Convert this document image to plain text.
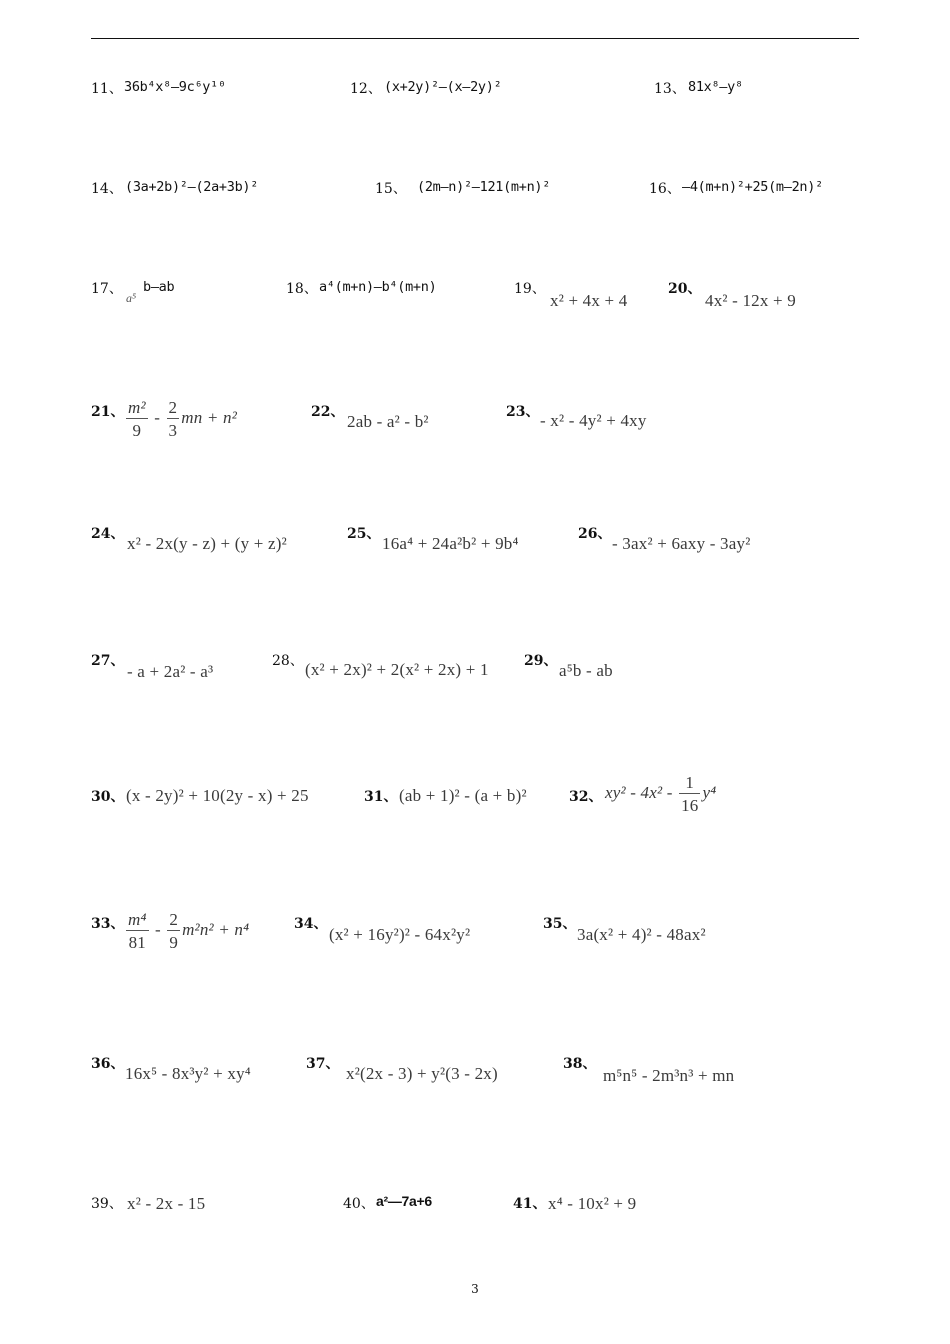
11、 36b⁴x⁸—9c⁶y¹⁰	12、 (x+2y)²—(x—2y)²	13、 81x⁸—y⁸
14、 (3a+2b)²—(2a+3b)²	15、 (2m—n)²—121(m+n)²	16、 —4(m+n)²+25(m—2n)²
17、
a⁵
b—ab	18、 a⁴(m+n)—b⁴(m+n)	19、
x² + 4x + 4
20、
4x² - 12x + 9
21、 $\frac{\text{m²}}{9} - \frac{2}{3}$ mn + n²	22、 2ab - a² - b²	23、 - x² - 4y² + 4xy
24、 x² - 2x(y - z) + (y + z)²	25、 16a⁴ + 24a²b² + 9b⁴	26、 - 3ax² + 6axy - 3ay²
27、
- a + 2a² - a³
28、 (x² + 2x)² + 2(x² + 2x) + 1	29、 a⁵b - ab
30、 (x - 2y)² + 10(2y - x) + 25	31、 (ab + 1)² - (a + b)²	32、 $xy^2 - 4x^2 - \frac{1}{16} y^4$
33、 $\frac{\text{m⁴}}{81} - \frac{2}{9} m^2n^2 + n^4$	34、
(x² + 16y²)² - 64x²y²
35、
3a(x² + 4)² - 48ax²
36、 16x⁵ - 8x³y² + xy⁴	37、 x²(2x - 3) + y²(3 - 2x)	38、
m⁵n⁵ - 2m³n³ + mn
39、 x² - 2x - 15	40、 a²—7a+6	41、 x⁴ - 10x² + 9
3
